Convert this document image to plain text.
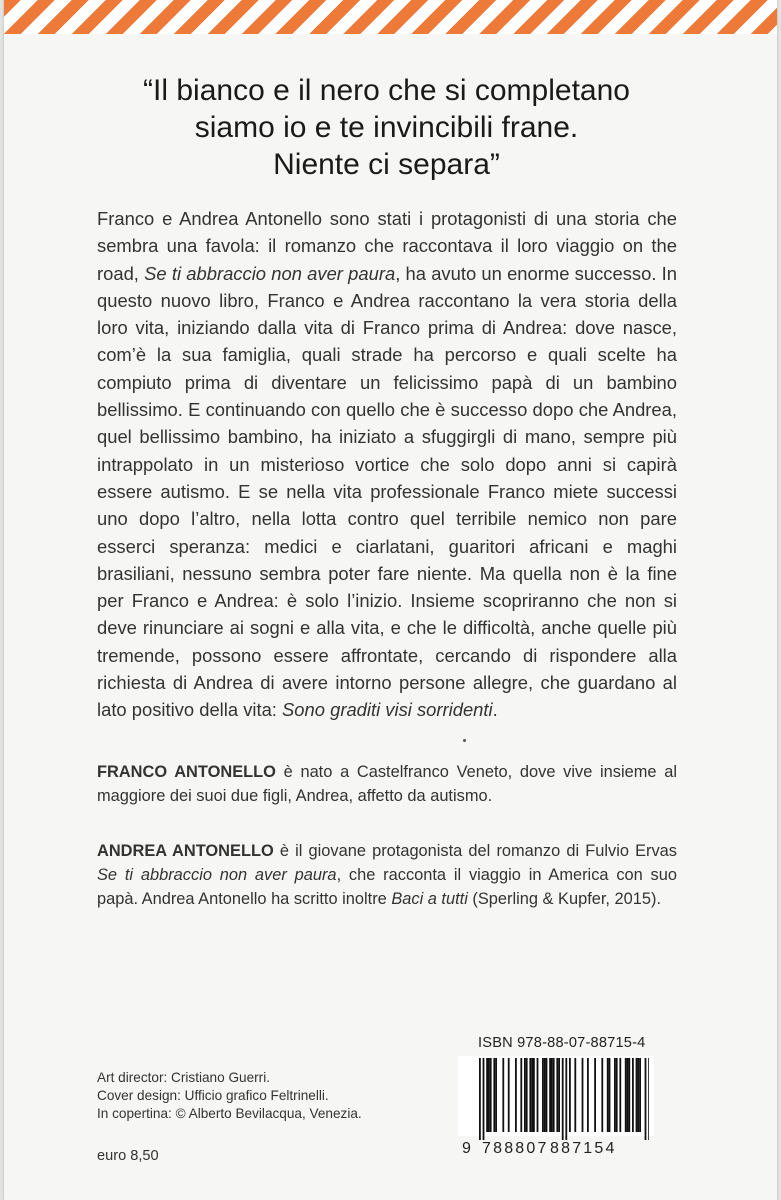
“Il bianco e il nero che si completano
siamo io e te invincibili frane.
Niente ci separa”

Franco e Andrea Antonello sono stati i protagonisti di una storia che sembra una favola: il romanzo che raccontava il loro viaggio on the road, Se ti abbraccio non aver paura, ha avuto un enorme successo. In questo nuovo libro, Franco e Andrea raccontano la vera storia della loro vita, iniziando dalla vita di Franco prima di Andrea: dove nasce, com’è la sua famiglia, quali strade ha percorso e quali scelte ha compiuto prima di diventare un felicissimo papà di un bambino bellissimo. E continuando con quello che è successo dopo che Andrea, quel bellissimo bambino, ha iniziato a sfuggirgli di mano, sempre più intrappolato in un misterioso vortice che solo dopo anni si capirà essere autismo. E se nella vita professionale Franco miete successi uno dopo l’altro, nella lotta contro quel terribile nemico non pare esserci speranza: medici e ciarlatani, guaritori africani e maghi brasiliani, nessuno sembra poter fare niente. Ma quella non è la fine per Franco e Andrea: è solo l’inizio. Insieme scopriranno che non si deve rinunciare ai sogni e alla vita, e che le difficoltà, anche quelle più tremende, possono essere affrontate, cercando di rispondere alla richiesta di Andrea di avere intorno persone allegre, che guardano al lato positivo della vita: Sono graditi visi sorridenti.

FRANCO ANTONELLO è nato a Castelfranco Veneto, dove vive insieme al maggiore dei suoi due figli, Andrea, affetto da autismo.

ANDREA ANTONELLO è il giovane protagonista del romanzo di Fulvio Ervas Se ti abbraccio non aver paura, che racconta il viaggio in America con suo papà. Andrea Antonello ha scritto inoltre Baci a tutti (Sperling & Kupfer, 2015).

Art director: Cristiano Guerri.
Cover design: Ufficio grafico Feltrinelli.
In copertina: © Alberto Bevilacqua, Venezia.
euro 8,50
ISBN 978-88-07-88715-4
9 788807 887154
